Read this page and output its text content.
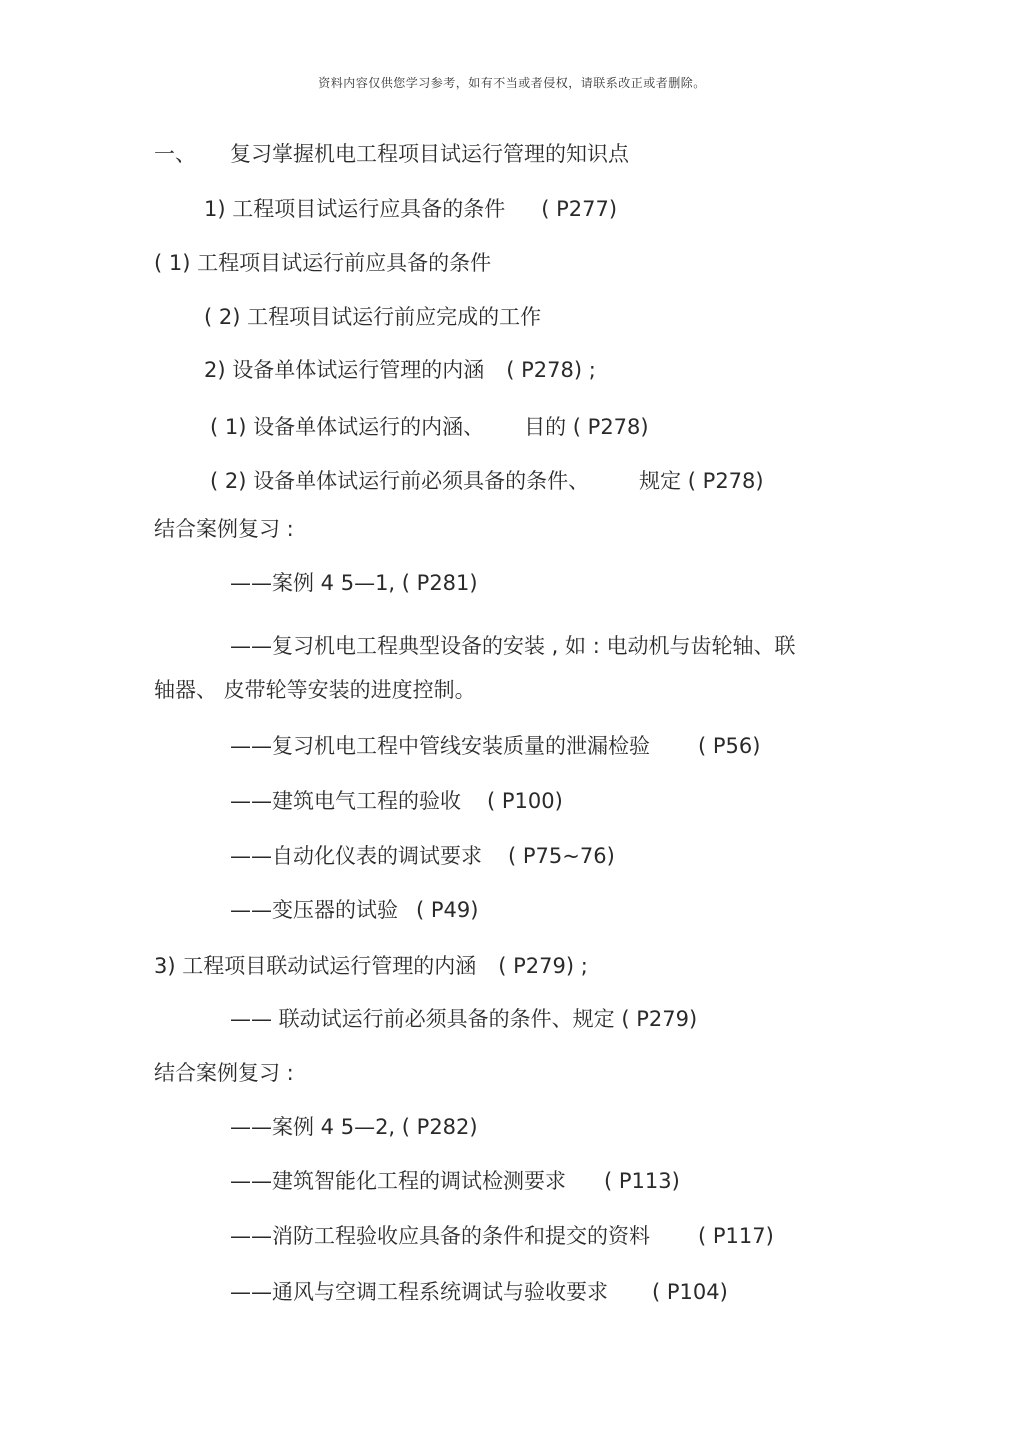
资料内容仅供您学习参考，如有不当或者侵权，请联系改正或者删除。
一、 复习掌握机电工程项目试运行管理的知识点
1) 工程项目试运行应具备的条件 ( P277)
( 1) 工程项目试运行前应具备的条件
( 2) 工程项目试运行前应完成的工作
2) 设备单体试运行管理的内涵 ( P278) ;
( 1) 设备单体试运行的内涵、 目的 ( P278)
( 2) 设备单体试运行前必须具备的条件、 规定 ( P278)
结合案例复习 :
——案例 4 5—1, ( P281)
——复习机电工程典型设备的安装 , 如 : 电动机与齿轮轴、联
轴器、 皮带轮等安装的进度控制。
——复习机电工程中管线安装质量的泄漏检验 ( P56)
——建筑电气工程的验收 ( P100)
——自动化仪表的调试要求 ( P75~76)
——变压器的试验 ( P49)
3) 工程项目联动试运行管理的内涵 ( P279) ;
—— 联动试运行前必须具备的条件、规定 ( P279)
结合案例复习 :
——案例 4 5—2, ( P282)
——建筑智能化工程的调试检测要求 ( P113)
——消防工程验收应具备的条件和提交的资料 ( P117)
——通风与空调工程系统调试与验收要求 ( P104)
